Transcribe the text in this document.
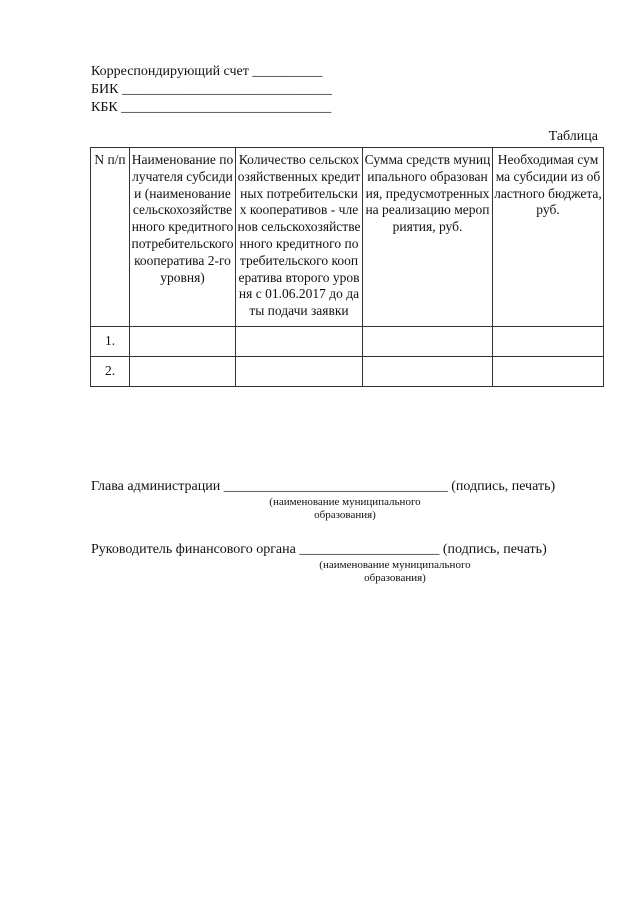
Корреспондирующий счет __________
БИК ______________________________
КБК ______________________________
Таблица
N п/п	Наименование получателя субсидии (наименование сельскохозяйственного кредитного потребительского кооператива 2-го уровня)	Количество сельскохозяйственных кредитных потребительских кооперативов - членов сельскохозяйственного кредитного потребительского кооператива второго уровня с 01.06.2017 до даты подачи заявки	Сумма средств муниципального образования, предусмотренных на реализацию мероприятия, руб.	Необходимая сумма субсидии из областного бюджета, руб.
1.				
2.				
Глава администрации ________________________________ (подпись, печать)
(наименование муниципального образования)
Руководитель финансового органа ____________________ (подпись, печать)
(наименование муниципального образования)
